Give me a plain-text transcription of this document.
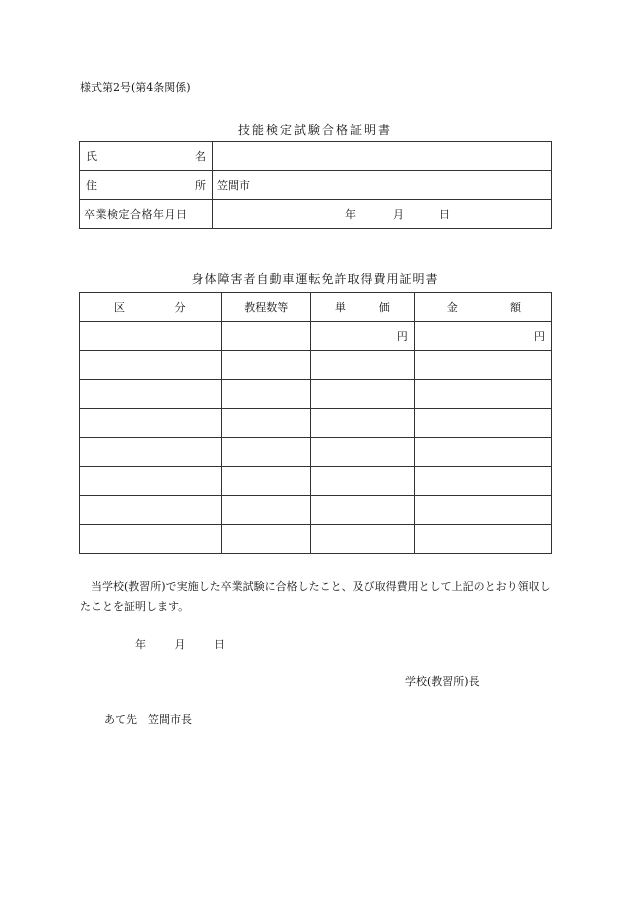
様式第2号(第4条関係)
技能検定試験合格証明書
氏 名	

住 所	笠間市
卒業検定合格年月日	年 月 日
身体障害者自動車運転免許取得費用証明書
区 分	教程数等	単 価	金 額

		円	円

当学校(教習所)で実施した卒業試験に合格したこと、及び取得費用として上記のとおり領収したことを証明します。

年	月	日
学校(教習所)長
あて先　笠間市長
